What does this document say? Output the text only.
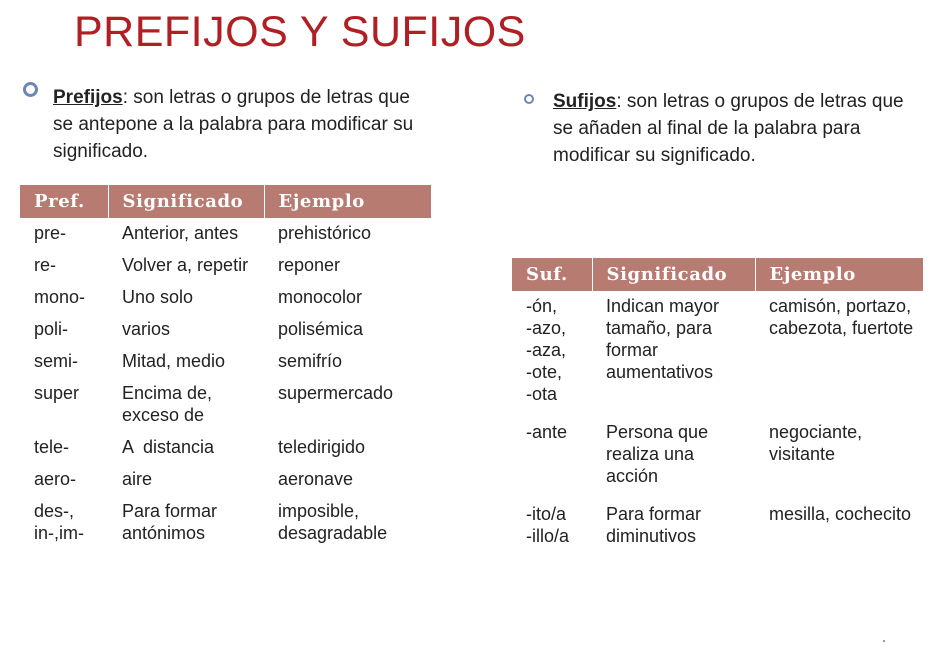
PREFIJOS Y SUFIJOS
Prefijos: son letras o grupos de letras que se antepone a la palabra para modificar su significado.
Sufijos: son letras o grupos de letras que se añaden al final de la palabra para modificar su significado.
Pref.	Significado	Ejemplo
pre-	Anterior, antes	prehistórico
re-	Volver a, repetir	reponer
mono-	Uno solo	monocolor
poli-	varios	polisémica
semi-	Mitad, medio	semifrío
super	Encima de, exceso de	supermercado
tele-	A  distancia	teledirigido
aero-	aire	aeronave
des-, in-,im-	Para formar antónimos	imposible, desagradable
Suf.	Significado	Ejemplo
-ón,
-azo,
-aza,
-ote,
-ota	Indican mayor tamaño, para formar aumentativos	camisón, portazo, cabezota, fuertote
-ante	Persona que realiza una acción	negociante, visitante
-ito/a
-illo/a	Para formar diminutivos	mesilla, cochecito
